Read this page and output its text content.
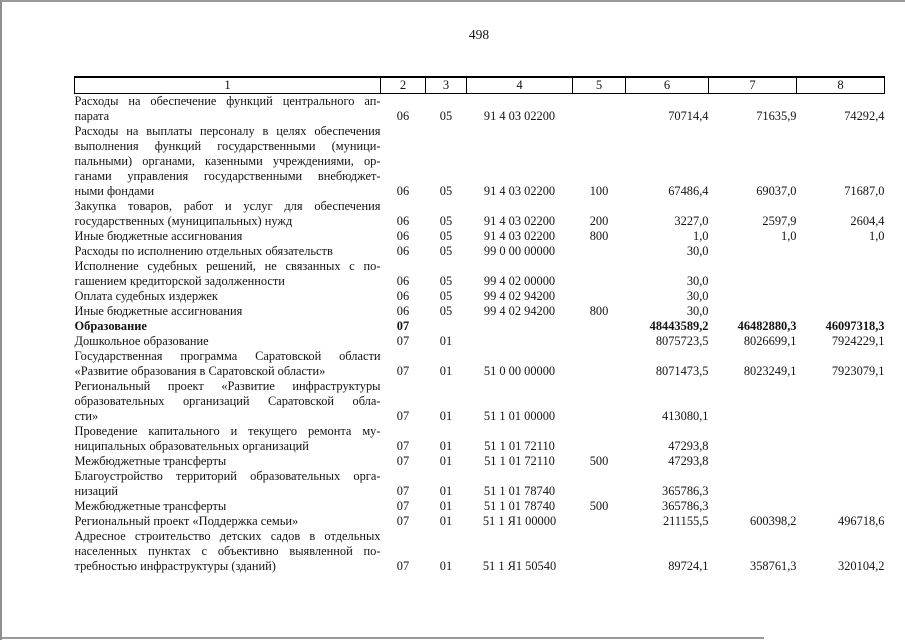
498
1	2	3	4	5	6	7	8

Расходы на обеспечение функций центрального ап-
парата	06	05	91 4 03 02200		70714,4	71635,9	74292,4

Расходы на выплаты персоналу в целях обеспечения
выполнения функций государственными (муници-
пальными) органами, казенными учреждениями, ор-
ганами управления государственными внебюджет-
ными фондами	06	05	91 4 03 02200	100	67486,4	69037,0	71687,0

Закупка товаров, работ и услуг для обеспечения
государственных (муниципальных) нужд	06	05	91 4 03 02200	200	3227,0	2597,9	2604,4

Иные бюджетные ассигнования	06	05	91 4 03 02200	800	1,0	1,0	1,0

Расходы по исполнению отдельных обязательств	06	05	99 0 00 00000		30,0		

Исполнение судебных решений, не связанных с по-
гашением кредиторской задолженности	06	05	99 4 02 00000		30,0		

Оплата судебных издержек	06	05	99 4 02 94200		30,0		

Иные бюджетные ассигнования	06	05	99 4 02 94200	800	30,0		

Образование	07				48443589,2	46482880,3	46097318,3

Дошкольное образование	07	01			8075723,5	8026699,1	7924229,1

Государственная программа Саратовской области
«Развитие образования в Саратовской области»	07	01	51 0 00 00000		8071473,5	8023249,1	7923079,1

Региональный проект «Развитие инфраструктуры
образовательных организаций Саратовской обла-
сти»	07	01	51 1 01 00000		413080,1		

Проведение капитального и текущего ремонта му-
ниципальных образовательных организаций	07	01	51 1 01 72110		47293,8		

Межбюджетные трансферты	07	01	51 1 01 72110	500	47293,8		

Благоустройство территорий образовательных орга-
низаций	07	01	51 1 01 78740		365786,3		

Межбюджетные трансферты	07	01	51 1 01 78740	500	365786,3		

Региональный проект «Поддержка семьи»	07	01	51 1 Я1 00000		211155,5	600398,2	496718,6

Адресное строительство детских садов в отдельных
населенных пунктах с объективно выявленной по-
требностью инфраструктуры (зданий)	07	01	51 1 Я1 50540		89724,1	358761,3	320104,2
